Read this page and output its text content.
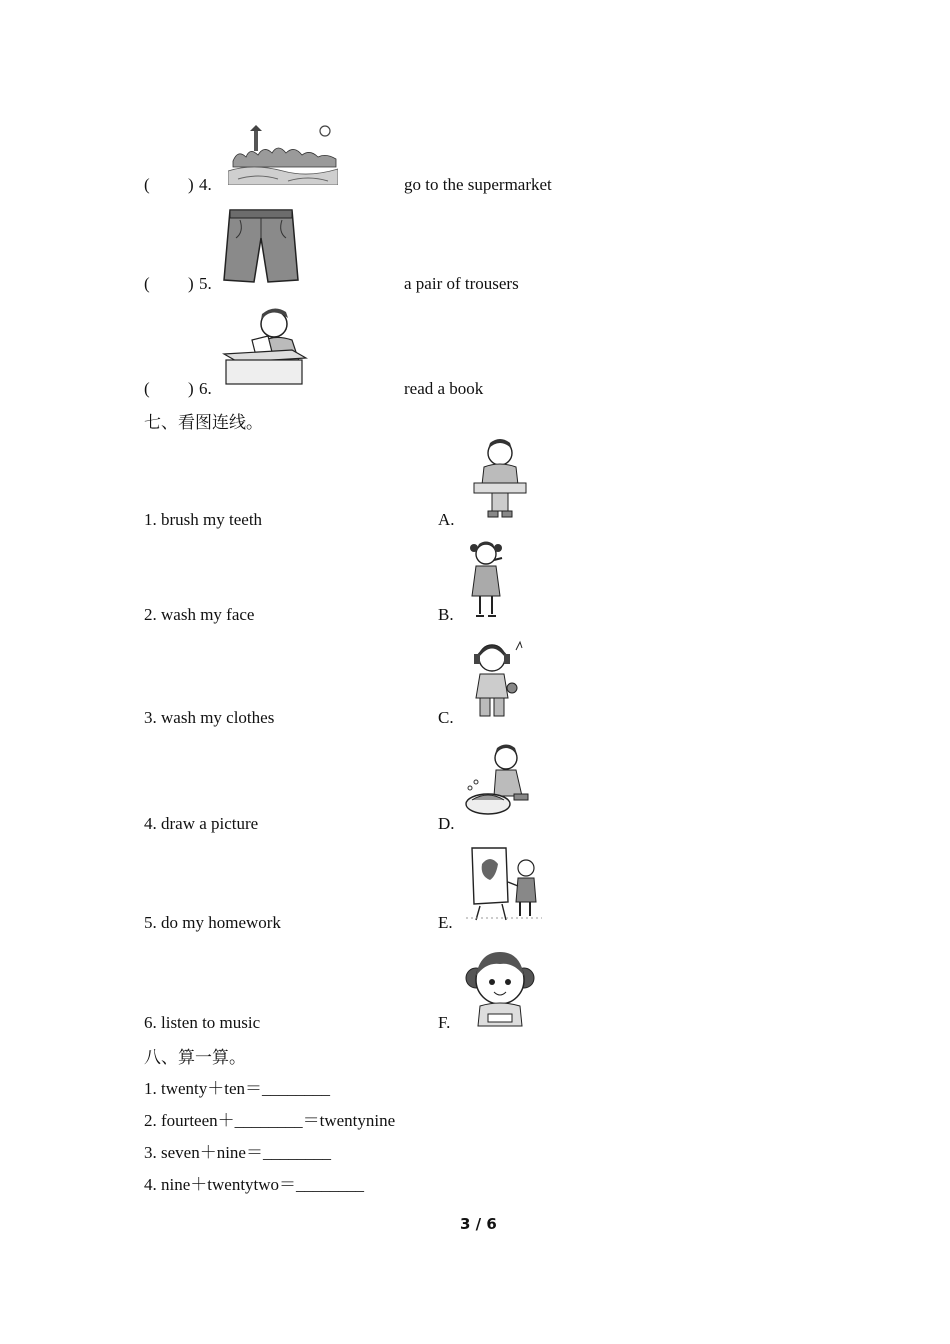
( ) 4.	go to the supermarket
( ) 5.	a pair of trousers
( ) 6.	read a book
七、看图连线。
1. brush my teeth	A.
2. wash my face	B.
3. wash my clothes	C.
4. draw a picture	D.
5. do my homework	E.
6. listen to music	F.
八、算一算。
1. twenty＋ten＝________
2. fourteen＋________＝twentynine
3. seven＋nine＝________
4. nine＋twentytwo＝________
3 / 6
